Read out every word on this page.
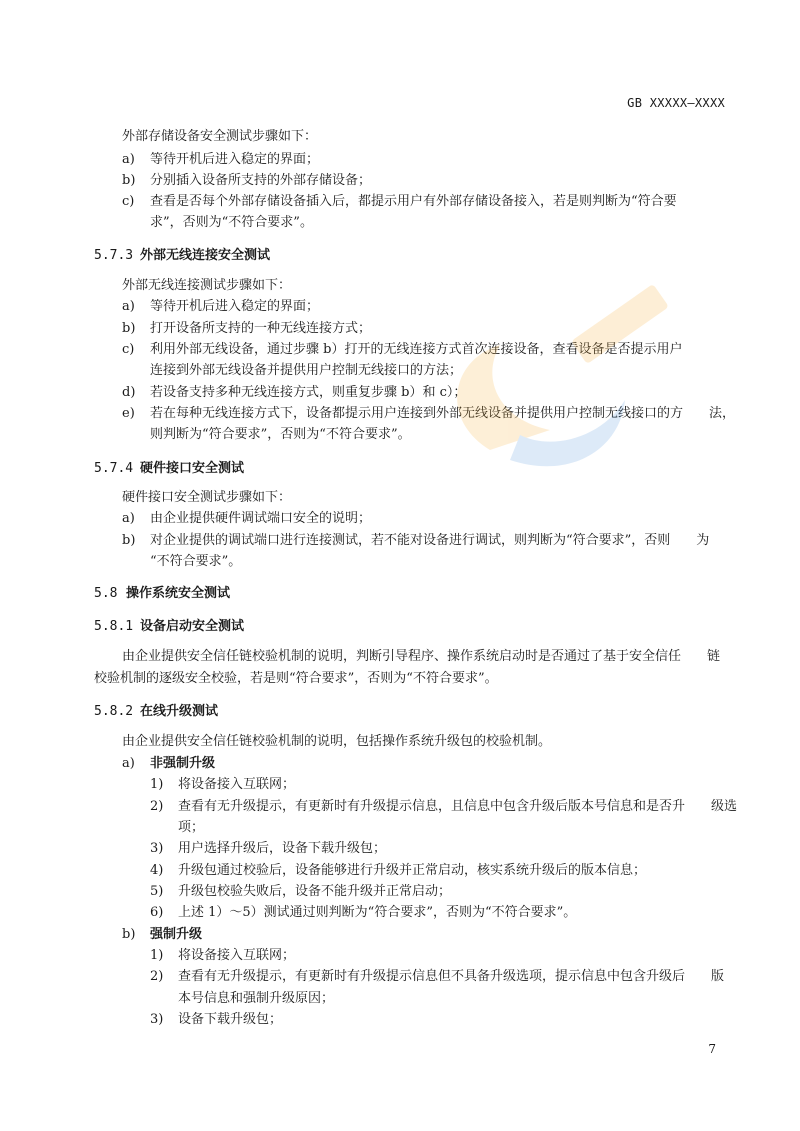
GB XXXXX—XXXX
外部存储设备安全测试步骤如下：
a) 等待开机后进入稳定的界面；
b) 分别插入设备所支持的外部存储设备；
c) 查看是否每个外部存储设备插入后，都提示用户有外部存储设备接入，若是则判断为“符合要
求”，否则为“不符合要求”。
5.7.3 外部无线连接安全测试
外部无线连接测试步骤如下：
a) 等待开机后进入稳定的界面；
b) 打开设备所支持的一种无线连接方式；
c) 利用外部无线设备，通过步骤 b）打开的无线连接方式首次连接设备，查看设备是否提示用户
连接到外部无线设备并提供用户控制无线接口的方法；
d) 若设备支持多种无线连接方式，则重复步骤 b）和 c）；
e) 若在每种无线连接方式下，设备都提示用户连接到外部无线设备并提供用户控制无线接口的方　　法，
则判断为“符合要求”，否则为“不符合要求”。
5.7.4 硬件接口安全测试
硬件接口安全测试步骤如下：
a) 由企业提供硬件调试端口安全的说明；
b) 对企业提供的调试端口进行连接测试，若不能对设备进行调试，则判断为“符合要求”，否则　　为
“不符合要求”。
5.8 操作系统安全测试
5.8.1 设备启动安全测试
由企业提供安全信任链校验机制的说明，判断引导程序、操作系统启动时是否通过了基于安全信任　　链
校验机制的逐级安全校验，若是则“符合要求”，否则为“不符合要求”。
5.8.2 在线升级测试
由企业提供安全信任链校验机制的说明，包括操作系统升级包的校验机制。
a) 非强制升级
1) 将设备接入互联网；
2) 查看有无升级提示，有更新时有升级提示信息，且信息中包含升级后版本号信息和是否升　　级选
项；
3) 用户选择升级后，设备下载升级包；
4) 升级包通过校验后，设备能够进行升级并正常启动，核实系统升级后的版本信息；
5) 升级包校验失败后，设备不能升级并正常启动；
6) 上述 1）～5）测试通过则判断为“符合要求”，否则为“不符合要求”。
b) 强制升级
1) 将设备接入互联网；
2) 查看有无升级提示，有更新时有升级提示信息但不具备升级选项，提示信息中包含升级后　　版
本号信息和强制升级原因；
3) 设备下载升级包；
7
